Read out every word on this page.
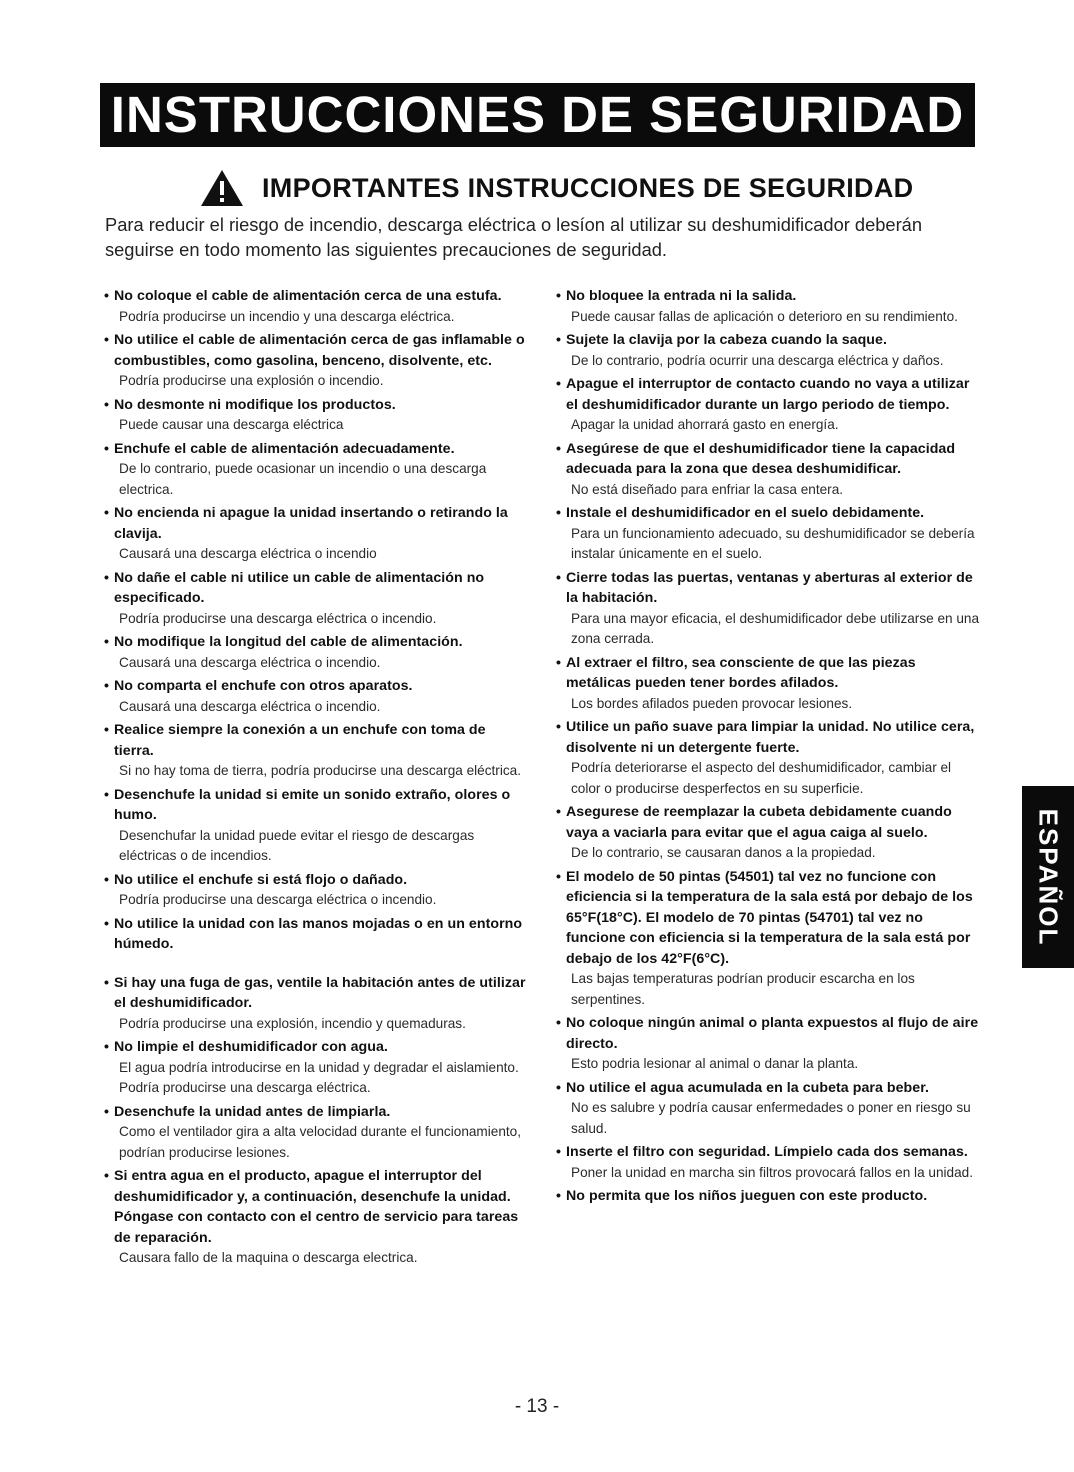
INSTRUCCIONES DE SEGURIDAD
IMPORTANTES INSTRUCCIONES DE SEGURIDAD
Para reducir el riesgo de incendio, descarga eléctrica o lesíon al utilizar su deshumidificador deberán seguirse en todo momento las siguientes precauciones de seguridad.
• No coloque el cable de alimentación cerca de una estufa.
Podría producirse un incendio y una descarga eléctrica.
• No utilice el cable de alimentación cerca de gas inflamable o combustibles, como gasolina, benceno, disolvente, etc.
Podría producirse una explosión o incendio.
• No desmonte ni modifique los productos.
Puede causar una descarga eléctrica
• Enchufe el cable de alimentación adecuadamente.
De lo contrario, puede ocasionar un incendio o una descarga electrica.
• No encienda ni apague la unidad insertando o retirando la clavija.
Causará una descarga eléctrica o incendio
• No dañe el cable ni utilice un cable de alimentación no especificado.
Podría producirse una descarga eléctrica o incendio.
• No modifique la longitud del cable de alimentación.
Causará una descarga eléctrica o incendio.
• No comparta el enchufe con otros aparatos.
Causará una descarga eléctrica o incendio.
• Realice siempre la conexión a un enchufe con toma de tierra.
Si no hay toma de tierra, podría producirse una descarga eléctrica.
• Desenchufe la unidad si emite un sonido extraño, olores o humo.
Desenchufar la unidad puede evitar el riesgo de descargas eléctricas o de incendios.
• No utilice el enchufe si está flojo o dañado.
Podría producirse una descarga eléctrica o incendio.
• No utilice la unidad con las manos mojadas o en un entorno húmedo.
• Si hay una fuga de gas, ventile la habitación antes de utilizar el deshumidificador.
Podría producirse una explosión, incendio y quemaduras.
• No limpie el deshumidificador con agua.
El agua podría introducirse en la unidad y degradar el aislamiento. Podría producirse una descarga eléctrica.
• Desenchufe la unidad antes de limpiarla.
Como el ventilador gira a alta velocidad durante el funcionamiento, podrían producirse lesiones.
• Si entra agua en el producto, apague el interruptor del deshumidificador y, a continuación, desenchufe la unidad. Póngase con contacto con el centro de servicio para tareas de reparación.
Causara fallo de la maquina o descarga electrica.
• No bloquee la entrada ni la salida.
Puede causar fallas de aplicación o deterioro en su rendimiento.
• Sujete la clavija por la cabeza cuando la saque.
De lo contrario, podría ocurrir una descarga eléctrica y daños.
• Apague el interruptor de contacto cuando no vaya a utilizar el deshumidificador durante un largo periodo de tiempo.
Apagar la unidad ahorrará gasto en energía.
• Asegúrese de que el deshumidificador tiene la capacidad adecuada para la zona que desea deshumidificar.
No está diseñado para enfriar la casa entera.
• Instale el deshumidificador en el suelo debidamente.
Para un funcionamiento adecuado, su deshumidificador se debería instalar únicamente en el suelo.
• Cierre todas las puertas, ventanas y aberturas al exterior de la habitación.
Para una mayor eficacia, el deshumidificador debe utilizarse en una zona cerrada.
• Al extraer el filtro, sea consciente de que las piezas metálicas pueden tener bordes afilados.
Los bordes afilados pueden provocar lesiones.
• Utilice un paño suave para limpiar la unidad. No utilice cera, disolvente ni un detergente fuerte.
Podría deteriorarse el aspecto del deshumidificador, cambiar el color o producirse desperfectos en su superficie.
• Asegurese de reemplazar la cubeta debidamente cuando vaya a vaciarla para evitar que el agua caiga al suelo.
De lo contrario, se causaran danos a la propiedad.
• El modelo de 50 pintas (54501) tal vez no funcione con eficiencia si la temperatura de la sala está por debajo de los 65°F(18°C). El modelo de 70 pintas (54701) tal vez no funcione con eficiencia si la temperatura de la sala está por debajo de los 42°F(6°C).
Las bajas temperaturas podrían producir escarcha en los serpentines.
• No coloque ningún animal o planta expuestos al flujo de aire directo.
Esto podria lesionar al animal o danar la planta.
• No utilice el agua acumulada en la cubeta para beber.
No es salubre y podría causar enfermedades o poner en riesgo su salud.
• Inserte el filtro con seguridad. Límpielo cada dos semanas.
Poner la unidad en marcha sin filtros provocará fallos en la unidad.
• No permita que los niños jueguen con este producto.
ESPAÑOL
- 13 -
